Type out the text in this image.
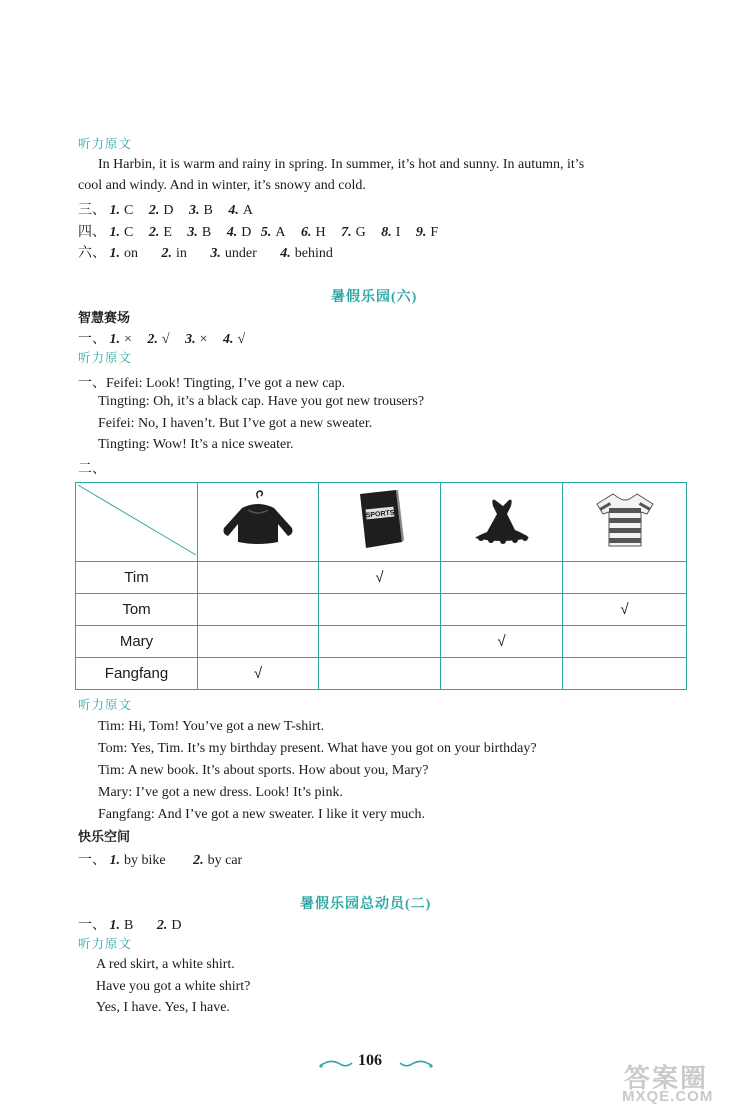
听力原文
In Harbin, it is warm and rainy in spring. In summer, it’s hot and sunny. In autumn, it’s
cool and windy. And in winter, it’s snowy and cold.
三、 1. C 2. D 3. B 4. A
四、 1. C 2. E 3. B 4. D 5. A 6. H 7. G 8. I 9. F
六、 1. on 2. in 3. under 4. behind
暑假乐园(六)
智慧赛场
一、 1. × 2. √ 3. × 4. √
听力原文
一、Feifei: Look! Tingting, I’ve got a new cap.
Tingting: Oh, it’s a black cap. Have you got new trousers?
Feifei: No, I haven’t. But I’ve got a new sweater.
Tingting: Wow! It’s a nice sweater.
二、

SPORTS

Tim		√		
Tom				√
Mary			√	
Fangfang	√			
听力原文
Tim: Hi, Tom! You’ve got a new T-shirt.
Tom: Yes, Tim. It’s my birthday present. What have you got on your birthday?
Tim: A new book. It’s about sports. How about you, Mary?
Mary: I’ve got a new dress. Look! It’s pink.
Fangfang: And I’ve got a new sweater. I like it very much.
快乐空间
一、 1. by bike 2. by car
暑假乐园总动员(二)
一、 1. B 2. D
听力原文
A red skirt, a white shirt.
Have you got a white shirt?
Yes, I have. Yes, I have.
106
答案圈
MXQE.COM
